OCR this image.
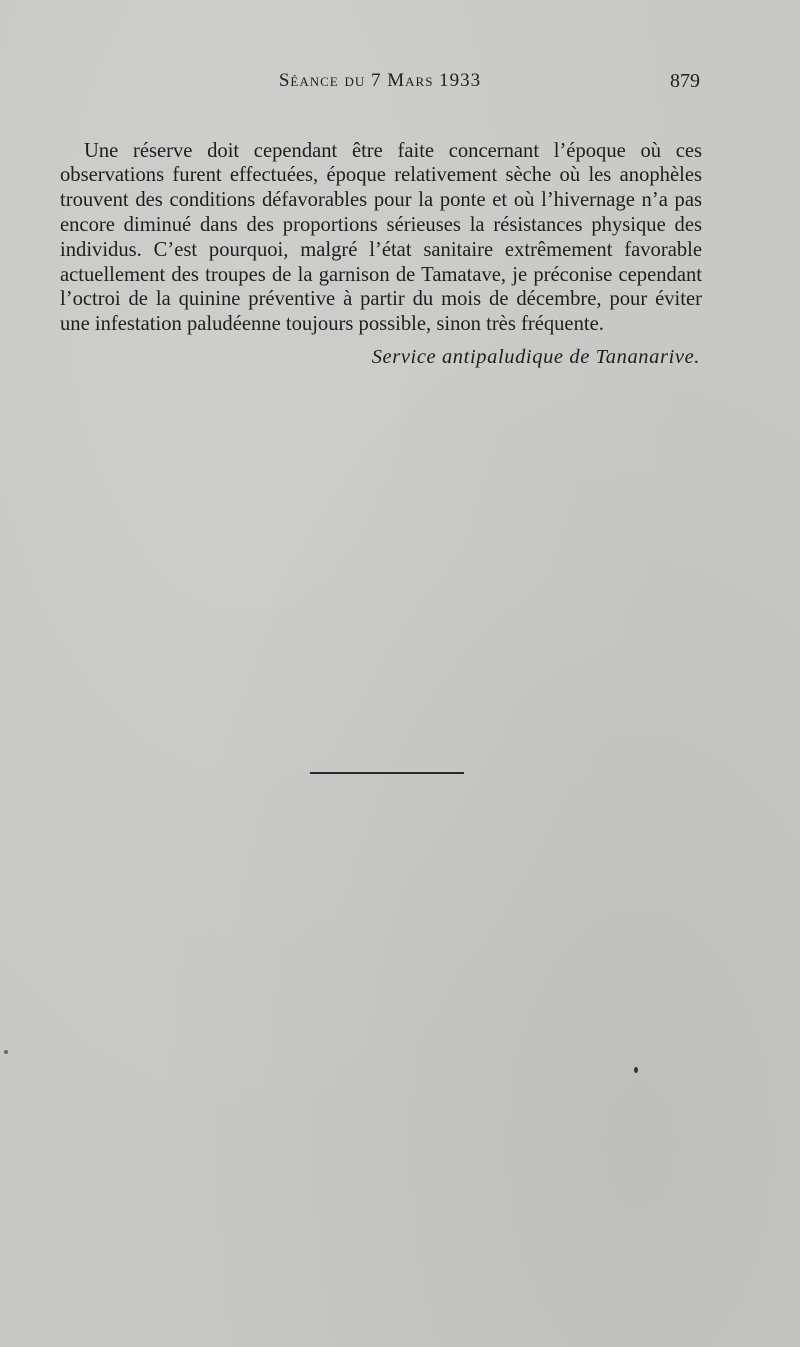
Séance du 7 Mars 1933	879

Une réserve doit cependant être faite concernant l’époque où ces observations furent effectuées, époque relativement sèche où les anophèles trouvent des conditions défavorables pour la ponte et où l’hivernage n’a pas encore diminué dans des proportions sérieuses la résistances physique des individus. C’est pourquoi, malgré l’état sanitaire extrêmement favorable actuellement des troupes de la garnison de Tamatave, je préconise cependant l’octroi de la quinine préventive à partir du mois de décembre, pour éviter une infestation paludéenne toujours possible, sinon très fréquente.

Service antipaludique de Tananarive.
